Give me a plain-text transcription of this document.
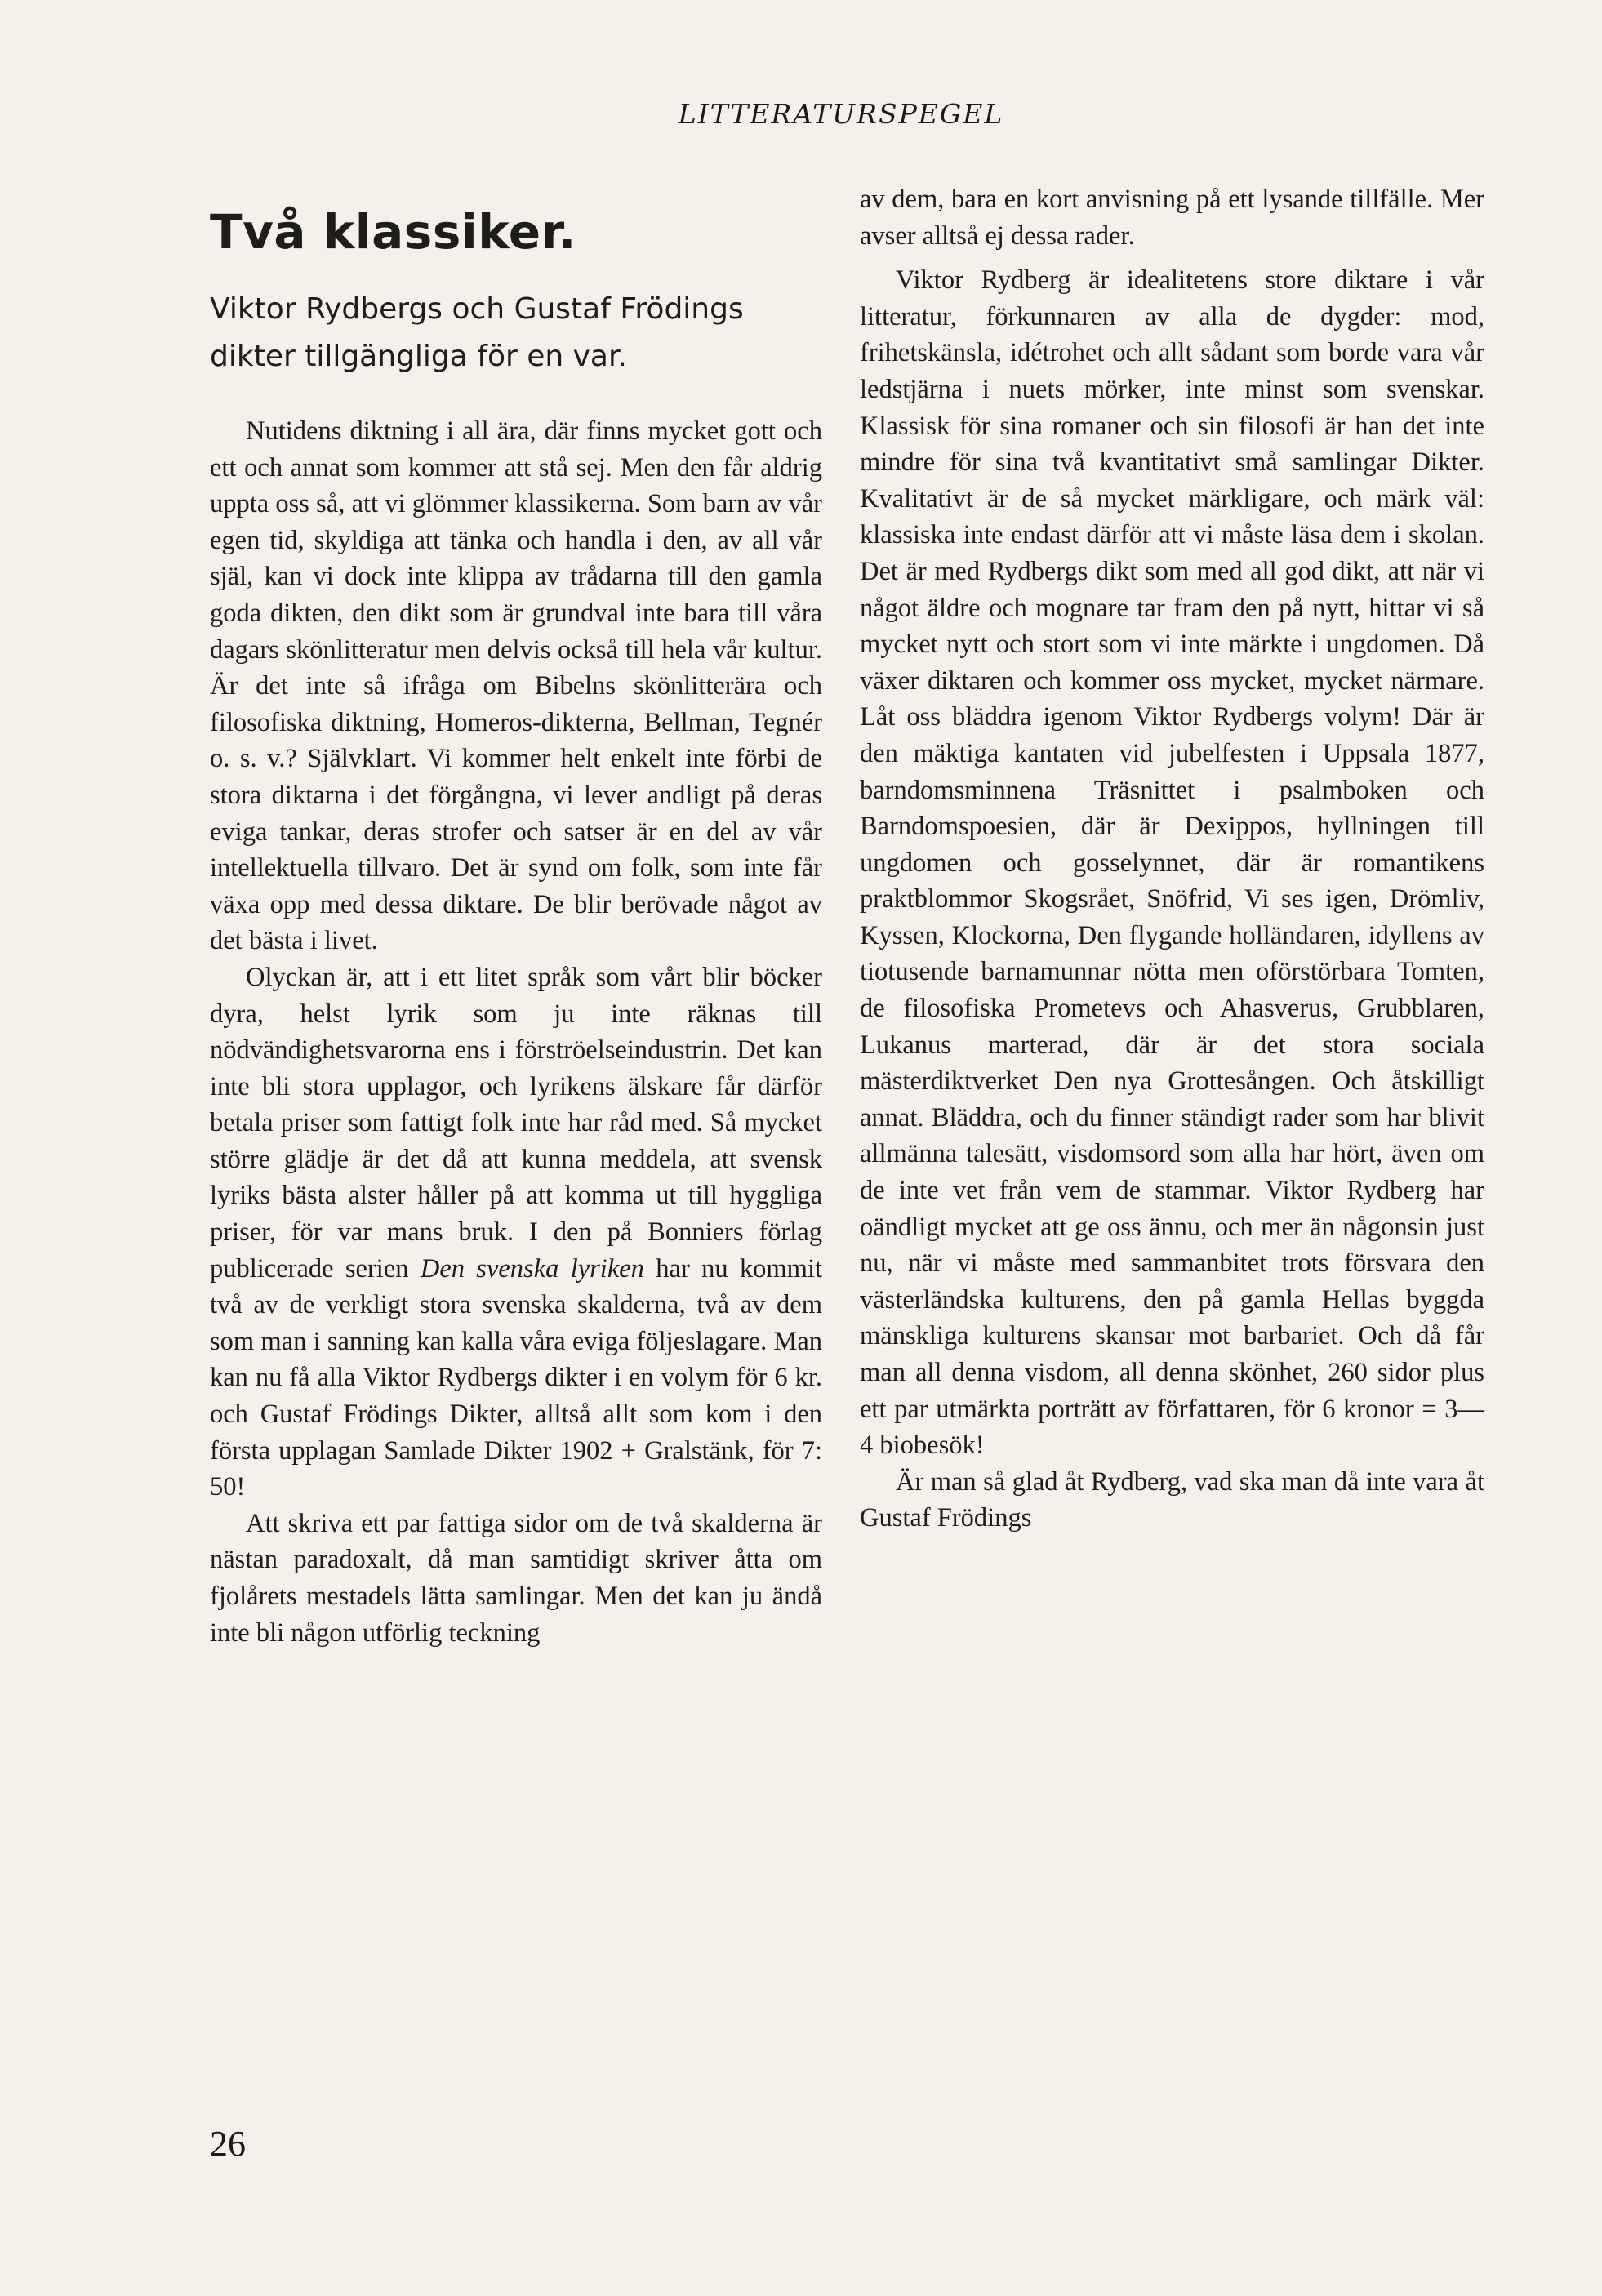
LITTERATURSPEGEL
Två klassiker.
Viktor Rydbergs och Gustaf Frödings dikter tillgängliga för en var.

Nutidens diktning i all ära, där finns mycket gott och ett och annat som kommer att stå sej. Men den får aldrig uppta oss så, att vi glömmer klassikerna. Som barn av vår egen tid, skyldiga att tänka och handla i den, av all vår själ, kan vi dock inte klippa av trådarna till den gamla goda dikten, den dikt som är grundval inte bara till våra dagars skönlitteratur men delvis också till hela vår kultur. Är det inte så ifråga om Bibelns skönlitterära och filosofiska diktning, Homeros-dikterna, Bellman, Tegnér o. s. v.? Självklart. Vi kommer helt enkelt inte förbi de stora diktarna i det förgångna, vi lever andligt på deras eviga tankar, deras strofer och satser är en del av vår intellektuella tillvaro. Det är synd om folk, som inte får växa opp med dessa diktare. De blir berövade något av det bästa i livet.

Olyckan är, att i ett litet språk som vårt blir böcker dyra, helst lyrik som ju inte räknas till nödvändighetsvarorna ens i förströelseindustrin. Det kan inte bli stora upplagor, och lyrikens älskare får därför betala priser som fattigt folk inte har råd med. Så mycket större glädje är det då att kunna meddela, att svensk lyriks bästa alster håller på att komma ut till hyggliga priser, för var mans bruk. I den på Bonniers förlag publicerade serien Den svenska lyriken har nu kommit två av de verkligt stora svenska skalderna, två av dem som man i sanning kan kalla våra eviga följeslagare. Man kan nu få alla Viktor Rydbergs dikter i en volym för 6 kr. och Gustaf Frödings Dikter, alltså allt som kom i den första upplagan Samlade Dikter 1902 + Gralstänk, för 7: 50!

Att skriva ett par fattiga sidor om de två skalderna är nästan paradoxalt, då man samtidigt skriver åtta om fjolårets mestadels lätta samlingar. Men det kan ju ändå inte bli någon utförlig teckning

av dem, bara en kort anvisning på ett lysande tillfälle. Mer avser alltså ej dessa rader.

Viktor Rydberg är idealitetens store diktare i vår litteratur, förkunnaren av alla de dygder: mod, frihetskänsla, idétrohet och allt sådant som borde vara vår ledstjärna i nuets mörker, inte minst som svenskar. Klassisk för sina romaner och sin filosofi är han det inte mindre för sina två kvantitativt små samlingar Dikter. Kvalitativt är de så mycket märkligare, och märk väl: klassiska inte endast därför att vi måste läsa dem i skolan. Det är med Rydbergs dikt som med all god dikt, att när vi något äldre och mognare tar fram den på nytt, hittar vi så mycket nytt och stort som vi inte märkte i ungdomen. Då växer diktaren och kommer oss mycket, mycket närmare. Låt oss bläddra igenom Viktor Rydbergs volym! Där är den mäktiga kantaten vid jubelfesten i Uppsala 1877, barndomsminnena Träsnittet i psalmboken och Barndomspoesien, där är Dexippos, hyllningen till ungdomen och gosselynnet, där är romantikens praktblommor Skogsrået, Snöfrid, Vi ses igen, Drömliv, Kyssen, Klockorna, Den flygande holländaren, idyllens av tiotusende barnamunnar nötta men oförstörbara Tomten, de filosofiska Prometevs och Ahasverus, Grubblaren, Lukanus marterad, där är det stora sociala mästerdiktverket Den nya Grottesången. Och åtskilligt annat. Bläddra, och du finner ständigt rader som har blivit allmänna talesätt, visdomsord som alla har hört, även om de inte vet från vem de stammar. Viktor Rydberg har oändligt mycket att ge oss ännu, och mer än någonsin just nu, när vi måste med sammanbitet trots försvara den västerländska kulturens, den på gamla Hellas byggda mänskliga kulturens skansar mot barbariet. Och då får man all denna visdom, all denna skönhet, 260 sidor plus ett par utmärkta porträtt av författaren, för 6 kronor = 3—4 biobesök!

Är man så glad åt Rydberg, vad ska man då inte vara åt Gustaf Frödings

26
